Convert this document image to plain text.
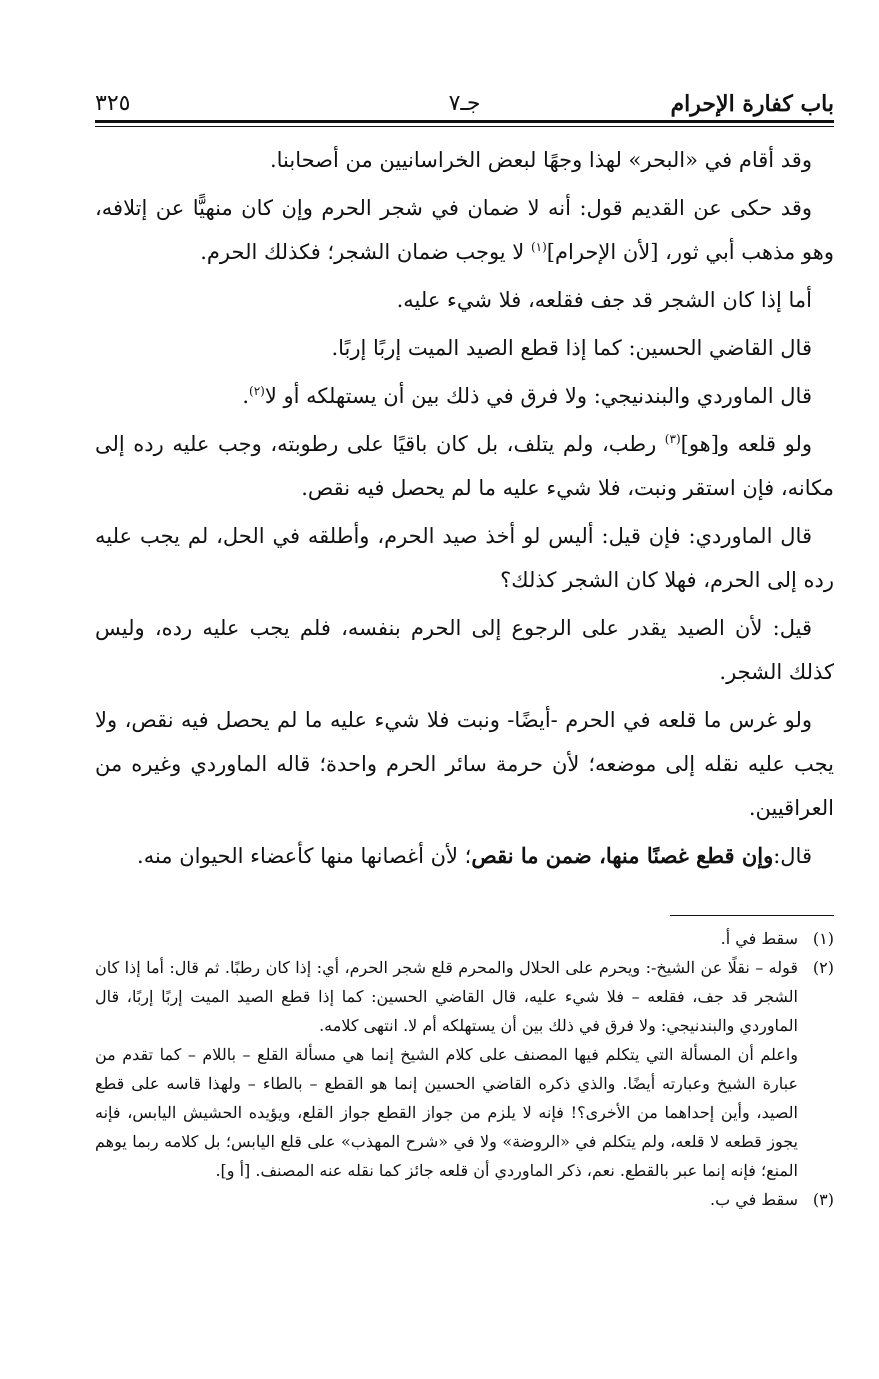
باب كفارة الإحرام
جـ٧
٣٢٥

وقد أقام في «البحر» لهذا وجهًا لبعض الخراسانيين من أصحابنا.

وقد حكى عن القديم قول: أنه لا ضمان في شجر الحرم وإن كان منهيًّا عن إتلافه، وهو مذهب أبي ثور، [لأن الإحرام]$^{(١)}$ لا يوجب ضمان الشجر؛ فكذلك الحرم.

أما إذا كان الشجر قد جف فقلعه، فلا شيء عليه.

قال القاضي الحسين: كما إذا قطع الصيد الميت إربًا إربًا.

قال الماوردي والبندنيجي: ولا فرق في ذلك بين أن يستهلكه أو لا$^{(٢)}$.

ولو قلعه و[هو]$^{(٣)}$ رطب، ولم يتلف، بل كان باقيًا على رطوبته، وجب عليه رده إلى مكانه، فإن استقر ونبت، فلا شيء عليه ما لم يحصل فيه نقص.

قال الماوردي: فإن قيل: أليس لو أخذ صيد الحرم، وأطلقه في الحل، لم يجب عليه رده إلى الحرم، فهلا كان الشجر كذلك؟

قيل: لأن الصيد يقدر على الرجوع إلى الحرم بنفسه، فلم يجب عليه رده، وليس كذلك الشجر.

ولو غرس ما قلعه في الحرم -أيضًا- ونبت فلا شيء عليه ما لم يحصل فيه نقص، ولا يجب عليه نقله إلى موضعه؛ لأن حرمة سائر الحرم واحدة؛ قاله الماوردي وغيره من العراقيين.

قال:وإن قطع غصنًا منها، ضمن ما نقص؛ لأن أغصانها منها كأعضاء الحيوان منه.

(١)
سقط في أ.
(٢)
قوله – نقلًا عن الشيخ-: ويحرم على الحلال والمحرم قلع شجر الحرم، أي: إذا كان رطبًا. ثم قال: أما إذا كان الشجر قد جف، فقلعه – فلا شيء عليه، قال القاضي الحسين: كما إذا قطع الصيد الميت إربًا إربًا، قال الماوردي والبندنيجي: ولا فرق في ذلك بين أن يستهلكه أم لا. انتهى كلامه.

واعلم أن المسألة التي يتكلم فيها المصنف على كلام الشيخ إنما هي مسألة القلع – باللام – كما تقدم من عبارة الشيخ وعبارته أيضًا. والذي ذكره القاضي الحسين إنما هو القطع – بالطاء – ولهذا قاسه على قطع الصيد، وأين إحداهما من الأخرى؟! فإنه لا يلزم من جواز القطع جواز القلع، ويؤيده الحشيش اليابس، فإنه يجوز قطعه لا قلعه، ولم يتكلم في «الروضة» ولا في «شرح المهذب» على قلع اليابس؛ بل كلامه ربما يوهم المنع؛ فإنه إنما عبر بالقطع. نعم، ذكر الماوردي أن قلعه جائز كما نقله عنه المصنف. [أ و].

(٣)
سقط في ب.
